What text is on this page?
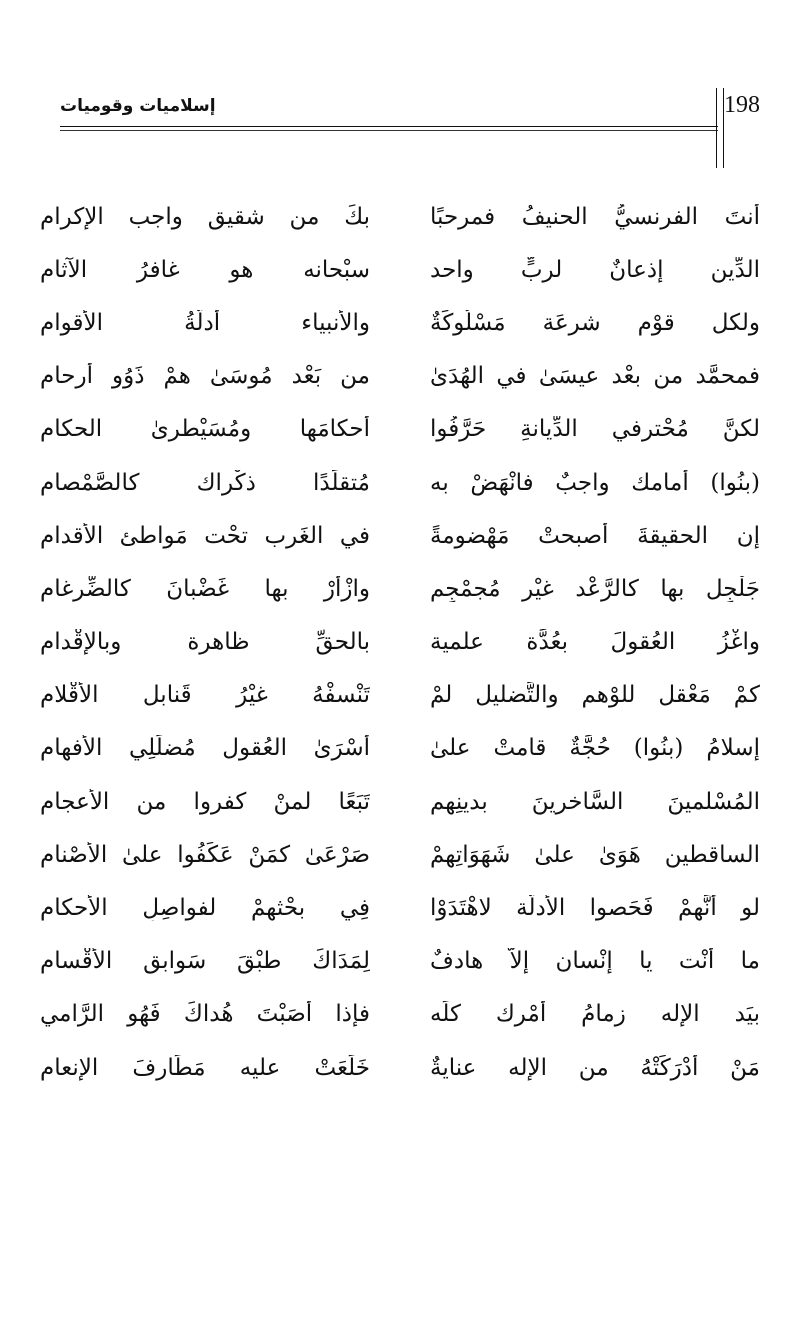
إسلاميات وقوميات	198
أنتَ الفرنسيُّ الحنيفُ فمرحبًا
بكَ من شقيق واجب الإكرام
الدِّين إذعانٌ لربٍّ واحد
سبْحانه هو غافرُ الآثام
ولكل قوْم شرعَة مَسْلُوكَةٌ
والأنبياء أدلَّةُ الأقوام
فمحمَّد من بعْد عيسَىٰ في الهُدَىٰ
من بَعْد مُوسَىٰ همْ ذَوُو أرحام
لكنَّ مُحْترفي الدِّيانةِ حَرَّفُوا
أحكامَها ومُسَيْطرىٰ الحكام
(بنُوا) أمامك واجبٌ فانْهَضْ به
مُتقلِّدًا ذكْراك كالصَّمْصام
إن الحقيقةَ أصبحتْ مَهْضومةً
في الغَرب تحْت مَواطئ الأقدام
جَلْجِل بها كالرَّعْد غيْر مُجمْجِم
وازْأرْ بها غَضْبانَ كالضِّرغام
واغْزُ العُقولَ بعُدَّة علمية
بالحقِّ ظاهرة وبالإقْدام
كمْ مَعْقل للوْهم والتَّضليل لمْ
تَنْسفْهُ غيْرُ قَنابل الأقْلام
إسلامُ (بنُوا) حُجَّةٌ قامتْ علىٰ
أسْرَىٰ العُقول مُضلِّلِي الأفهام
المُسْلمينَ السَّاخرينَ بدينِهم
تَبَعًا لمنْ كفروا من الأعجام
الساقطين هَوَىٰ علىٰ شَهَوَاتِهمْ
صَرْعَىٰ كمَنْ عَكَفُوا علىٰ الأصْنام
لو أنَّهمْ فَحَصوا الأدلَّة لاهْتَدَوْا
فِي بحْثهمْ لفواصِلِ الأحكام
ما أنْت يا إنْسان إلاَّ هادفٌ
لِمَدَاكَ طبْقَ سَوابق الأقْسام
بيَد الإله زمامُ أمْرك كلِّه
فإذا أصَبْتَ هُداكَ فَهُو الرَّامي
مَنْ أدْرَكَتْهُ من الإله عنايةٌ
خَلَعَتْ عليه مَطَارِفَ الإنعام
